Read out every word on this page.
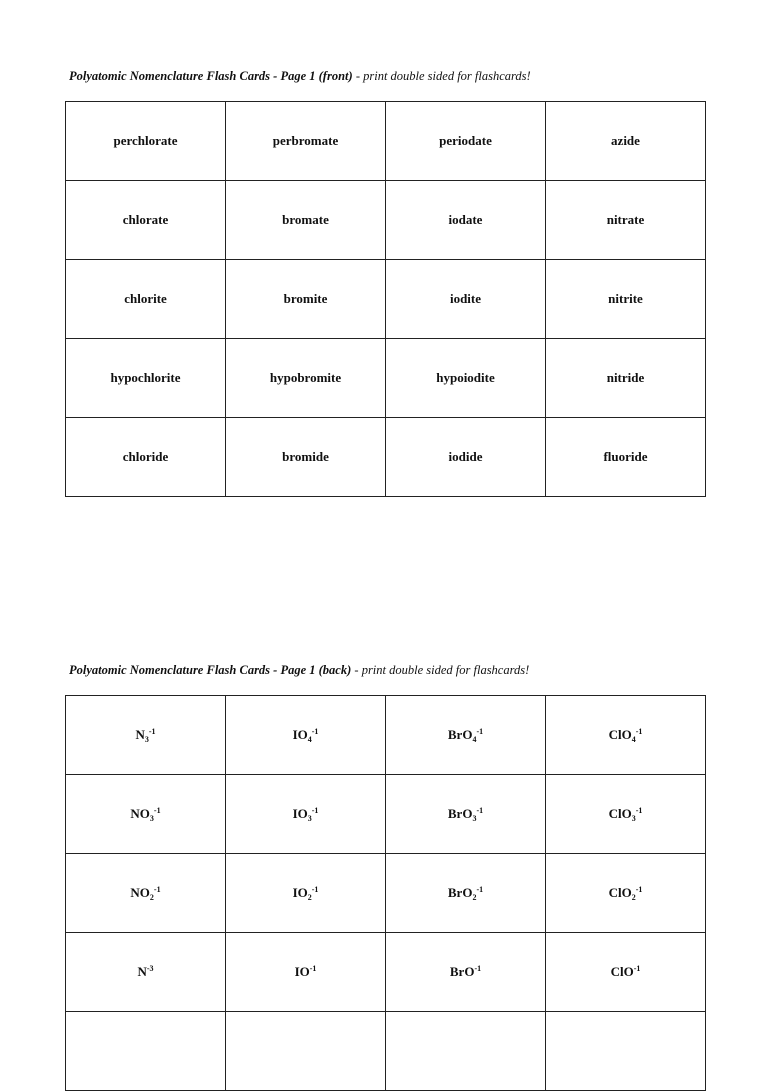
Polyatomic Nomenclature Flash Cards - Page 1 (front) - print double sided for flashcards!
perchlorate	perbromate	periodate	azide
chlorate	bromate	iodate	nitrate
chlorite	bromite	iodite	nitrite
hypochlorite	hypobromite	hypoiodite	nitride
chloride	bromide	iodide	fluoride
Polyatomic Nomenclature Flash Cards - Page 1 (back) - print double sided for flashcards!
$N_3^{-1}$	$IO_4^{-1}$	BrO$_4^{-1}$	ClO$_4^{-1}$
$NO_3^{-1}$	$IO_3^{-1}$	BrO$_3^{-1}$	ClO$_3^{-1}$
$NO_2^{-1}$	$IO_2^{-1}$	BrO$_2^{-1}$	ClO$_2^{-1}$
$N^{-3}$	$IO^{-1}$	BrO$^{-1}$	ClO$^{-1}$
